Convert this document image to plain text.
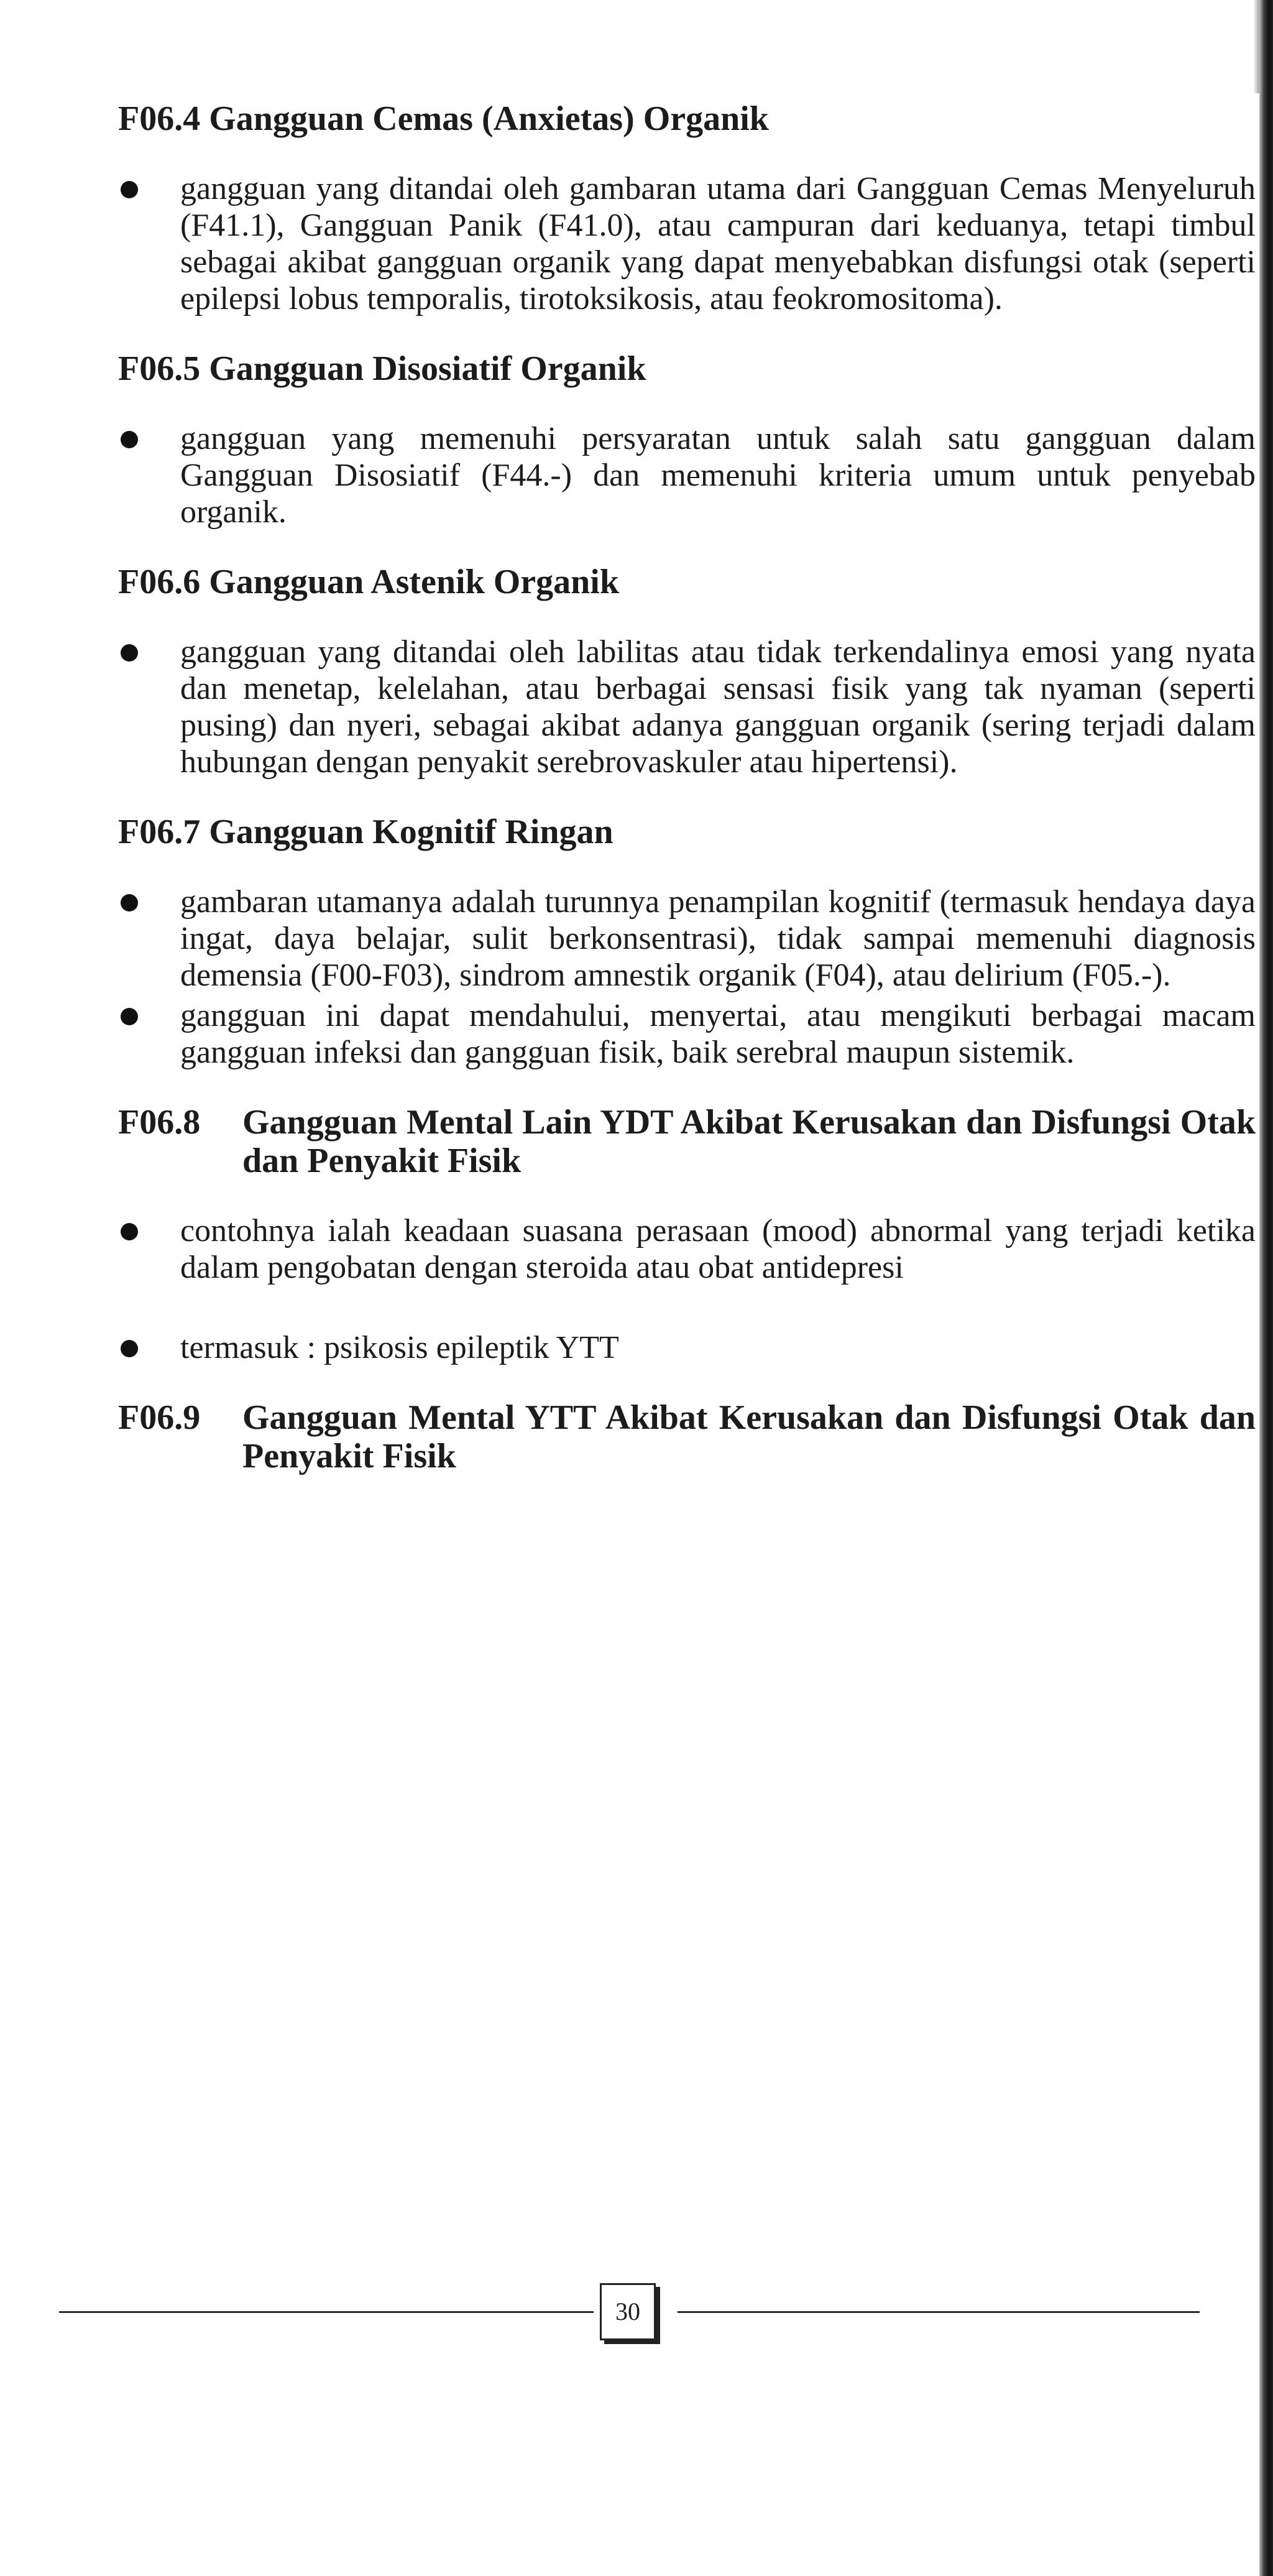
F06.4 Gangguan Cemas (Anxietas) Organik
gangguan yang ditandai oleh gambaran utama dari Gangguan Cemas Menyeluruh (F41.1), Gangguan Panik (F41.0), atau campuran dari keduanya, tetapi timbul sebagai akibat gangguan organik yang dapat menyebabkan disfungsi otak (seperti epilepsi lobus temporalis, tirotoksikosis, atau feokromositoma).
F06.5 Gangguan Disosiatif Organik
gangguan yang memenuhi persyaratan untuk salah satu gangguan dalam Gangguan Disosiatif (F44.-) dan memenuhi kriteria umum untuk penyebab organik.
F06.6 Gangguan Astenik Organik
gangguan yang ditandai oleh labilitas atau tidak terkendalinya emosi yang nyata dan menetap, kelelahan, atau berbagai sensasi fisik yang tak nyaman (seperti pusing) dan nyeri, sebagai akibat adanya gangguan organik (sering terjadi dalam hubungan dengan penyakit serebrovaskuler atau hipertensi).
F06.7 Gangguan Kognitif Ringan
gambaran utamanya adalah turunnya penampilan kognitif (termasuk hendaya daya ingat, daya belajar, sulit berkonsentrasi), tidak sampai memenuhi diagnosis demensia (F00-F03), sindrom amnestik organik (F04), atau delirium (F05.-).
gangguan ini dapat mendahului, menyertai, atau mengikuti berbagai macam gangguan infeksi dan gangguan fisik, baik serebral maupun sistemik.
F06.8	Gangguan Mental Lain YDT Akibat Kerusakan dan Disfungsi Otak dan Penyakit Fisik
contohnya ialah keadaan suasana perasaan (mood) abnormal yang terjadi ketika dalam pengobatan dengan steroida atau obat antidepresi
termasuk : psikosis epileptik YTT
F06.9	Gangguan Mental YTT Akibat Kerusakan dan Disfungsi Otak dan Penyakit Fisik
30
